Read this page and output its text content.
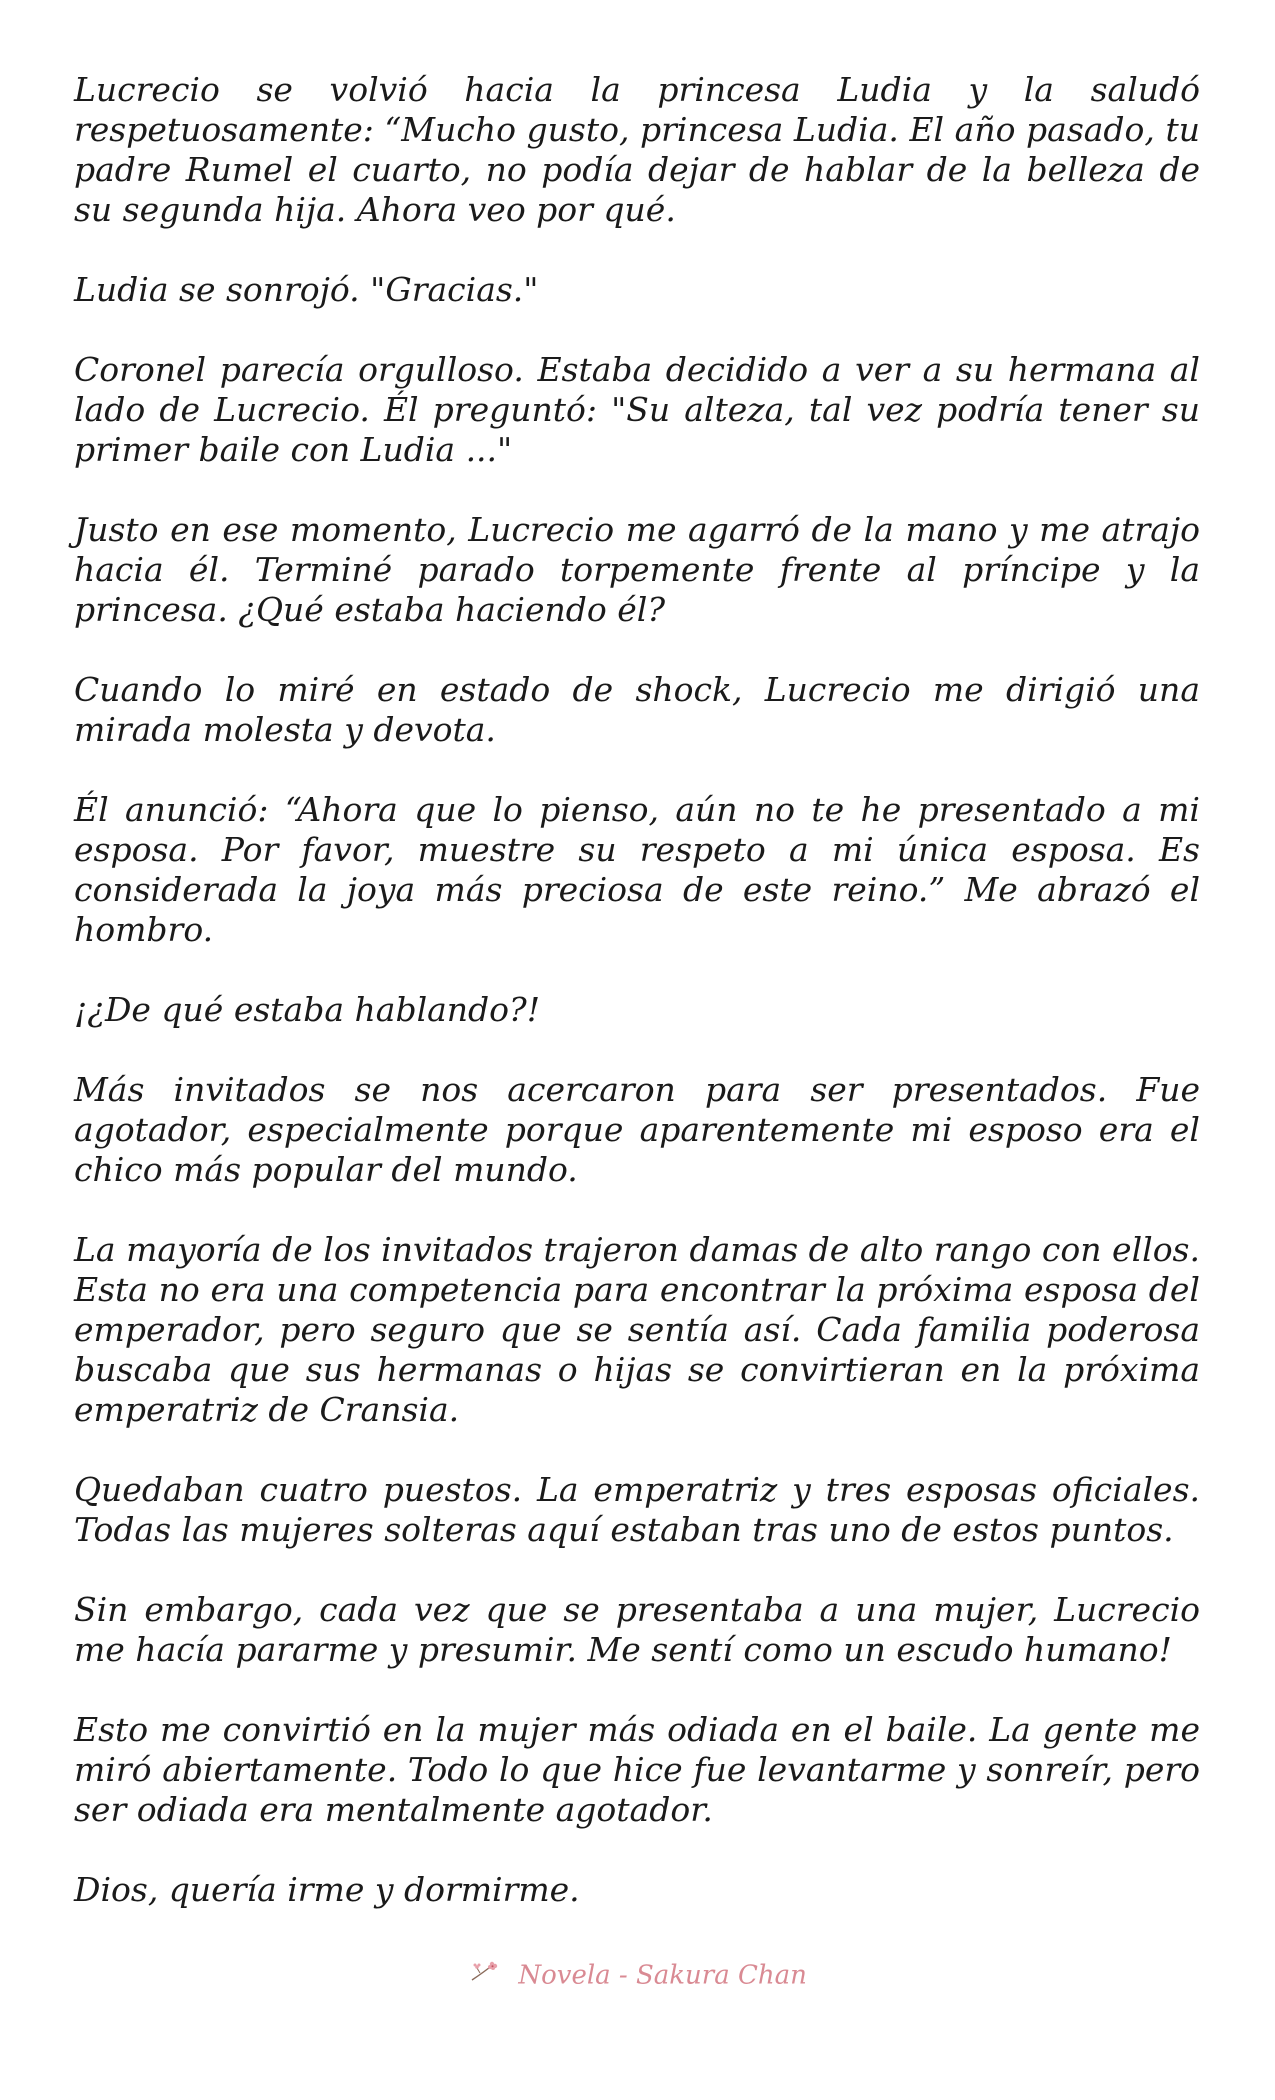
Lucrecio se volvió hacia la princesa Ludia y la saludó respetuosamente: “Mucho gusto, princesa Ludia. El año pasado, tu padre Rumel el cuarto, no podía dejar de hablar de la belleza de su segunda hija. Ahora veo por qué.

Ludia se sonrojó. "Gracias."

Coronel parecía orgulloso. Estaba decidido a ver a su hermana al lado de Lucrecio. Él preguntó: "Su alteza, tal vez podría tener su primer baile con Ludia ..."

Justo en ese momento, Lucrecio me agarró de la mano y me atrajo hacia él. Terminé parado torpemente frente al príncipe y la princesa. ¿Qué estaba haciendo él?

Cuando lo miré en estado de shock, Lucrecio me dirigió una mirada molesta y devota.

Él anunció: “Ahora que lo pienso, aún no te he presentado a mi esposa. Por favor, muestre su respeto a mi única esposa. Es considerada la joya más preciosa de este reino.” Me abrazó el hombro.

¡¿De qué estaba hablando?!

Más invitados se nos acercaron para ser presentados. Fue agotador, especialmente porque aparentemente mi esposo era el chico más popular del mundo.

La mayoría de los invitados trajeron damas de alto rango con ellos. Esta no era una competencia para encontrar la próxima esposa del emperador, pero seguro que se sentía así. Cada familia poderosa buscaba que sus hermanas o hijas se convirtieran en la próxima emperatriz de Cransia.

Quedaban cuatro puestos. La emperatriz y tres esposas oficiales. Todas las mujeres solteras aquí estaban tras uno de estos puntos.

Sin embargo, cada vez que se presentaba a una mujer, Lucrecio me hacía pararme y presumir. Me sentí como un escudo humano!

Esto me convirtió en la mujer más odiada en el baile. La gente me miró abiertamente. Todo lo que hice fue levantarme y sonreír, pero ser odiada era mentalmente agotador.

Dios, quería irme y dormirme.

Novela - Sakura Chan
